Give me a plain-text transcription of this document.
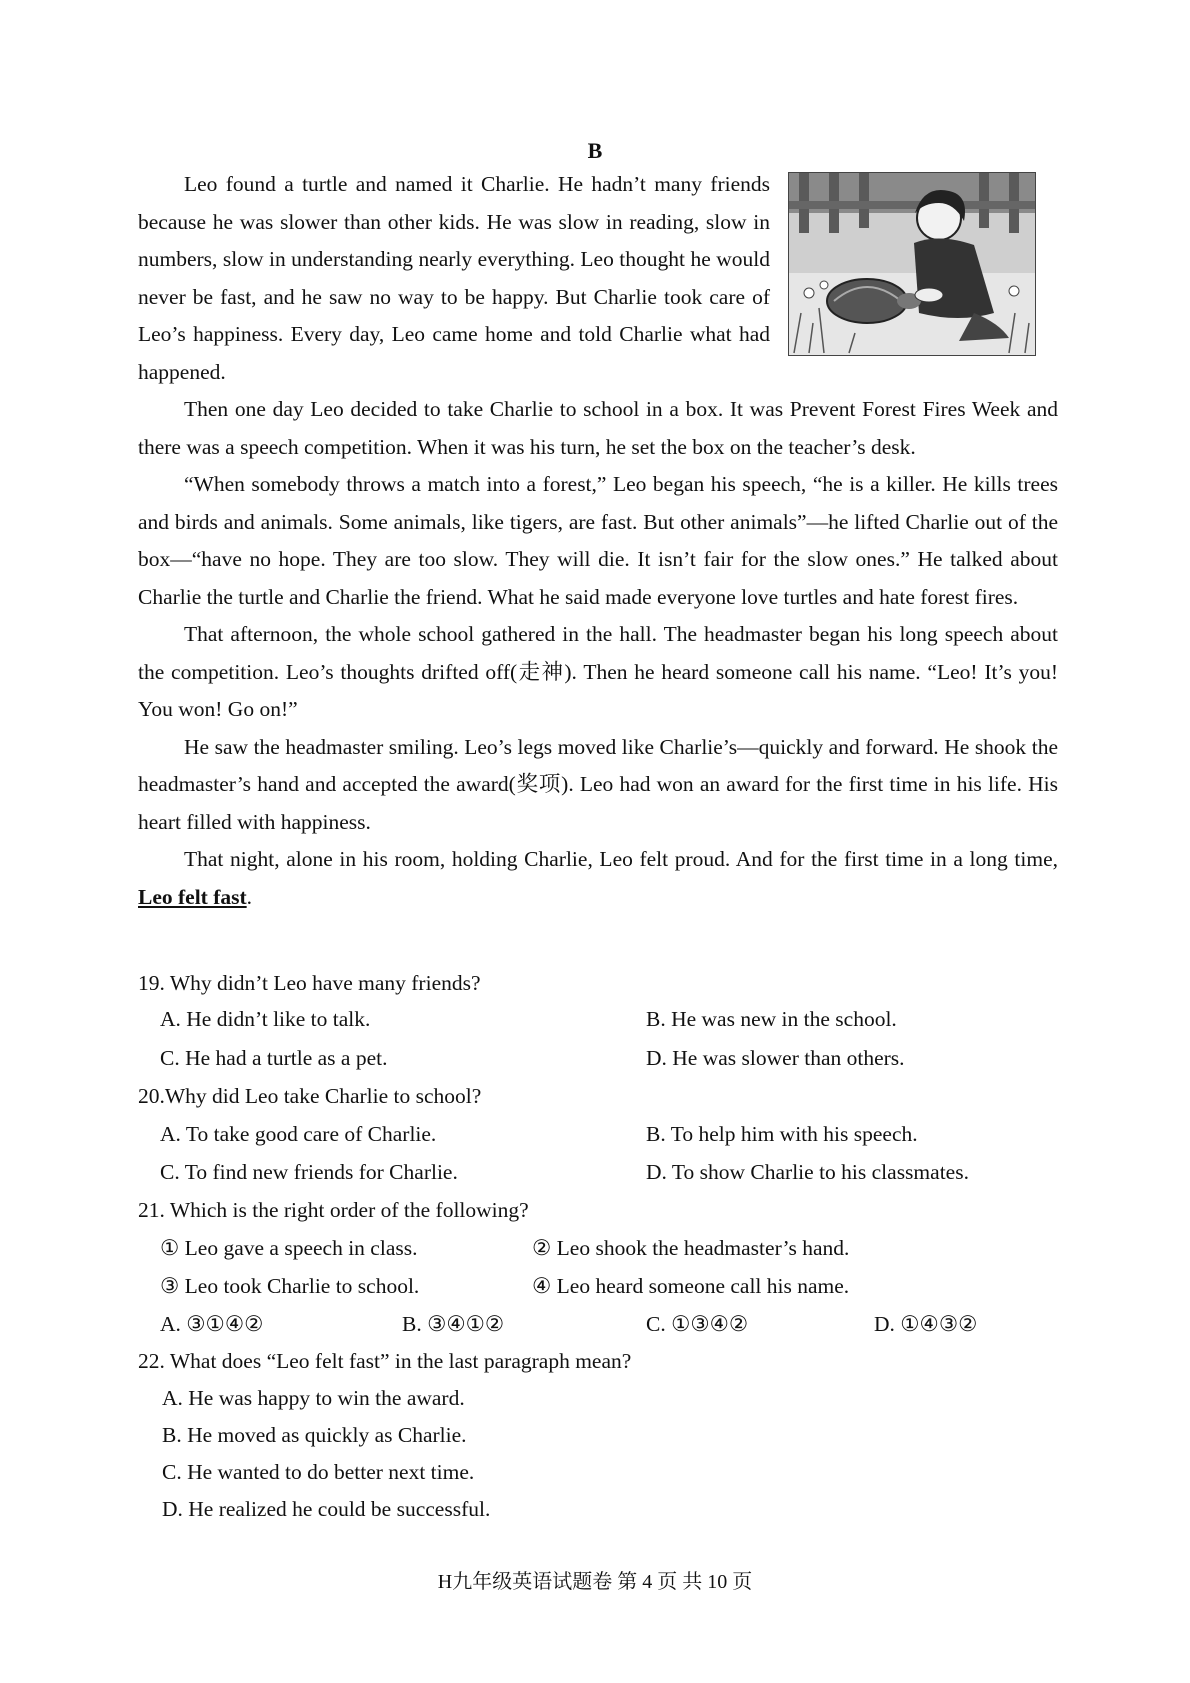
B

Leo found a turtle and named it Charlie. He hadn’t many friends because he was slower than other kids. He was slow in reading, slow in numbers, slow in understanding nearly everything. Leo thought he would never be fast, and he saw no way to be happy. But Charlie took care of Leo’s happiness. Every day, Leo came home and told Charlie what had happened.

Then one day Leo decided to take Charlie to school in a box. It was Prevent Forest Fires Week and there was a speech competition. When it was his turn, he set the box on the teacher’s desk.

“When somebody throws a match into a forest,” Leo began his speech, “he is a killer. He kills trees and birds and animals. Some animals, like tigers, are fast. But other animals”—he lifted Charlie out of the box—“have no hope. They are too slow. They will die. It isn’t fair for the slow ones.” He talked about Charlie the turtle and Charlie the friend. What he said made everyone love turtles and hate forest fires.

That afternoon, the whole school gathered in the hall. The headmaster began his long speech about the competition. Leo’s thoughts drifted off(走神). Then he heard someone call his name. “Leo! It’s you! You won! Go on!”

He saw the headmaster smiling. Leo’s legs moved like Charlie’s—quickly and forward. He shook the headmaster’s hand and accepted the award(奖项). Leo had won an award for the first time in his life. His heart filled with happiness.

That night, alone in his room, holding Charlie, Leo felt proud. And for the first time in a long time, Leo felt fast.

19. Why didn’t Leo have many friends?
A. He didn’t like to talk.	B. He was new in the school.
C. He had a turtle as a pet.	D. He was slower than others.
20.Why did Leo take Charlie to school?
A. To take good care of Charlie.	B. To help him with his speech.
C. To find new friends for Charlie.	D. To show Charlie to his classmates.
21. Which is the right order of the following?
① Leo gave a speech in class.	② Leo shook the headmaster’s hand.
③ Leo took Charlie to school.	④ Leo heard someone call his name.
A. ③①④②	B. ③④①②	C. ①③④②	D. ①④③②
22. What does “Leo felt fast” in the last paragraph mean?
A. He was happy to win the award.
B. He moved as quickly as Charlie.
C. He wanted to do better next time.
D. He realized he could be successful.
H九年级英语试题卷 第 4 页 共 10 页
